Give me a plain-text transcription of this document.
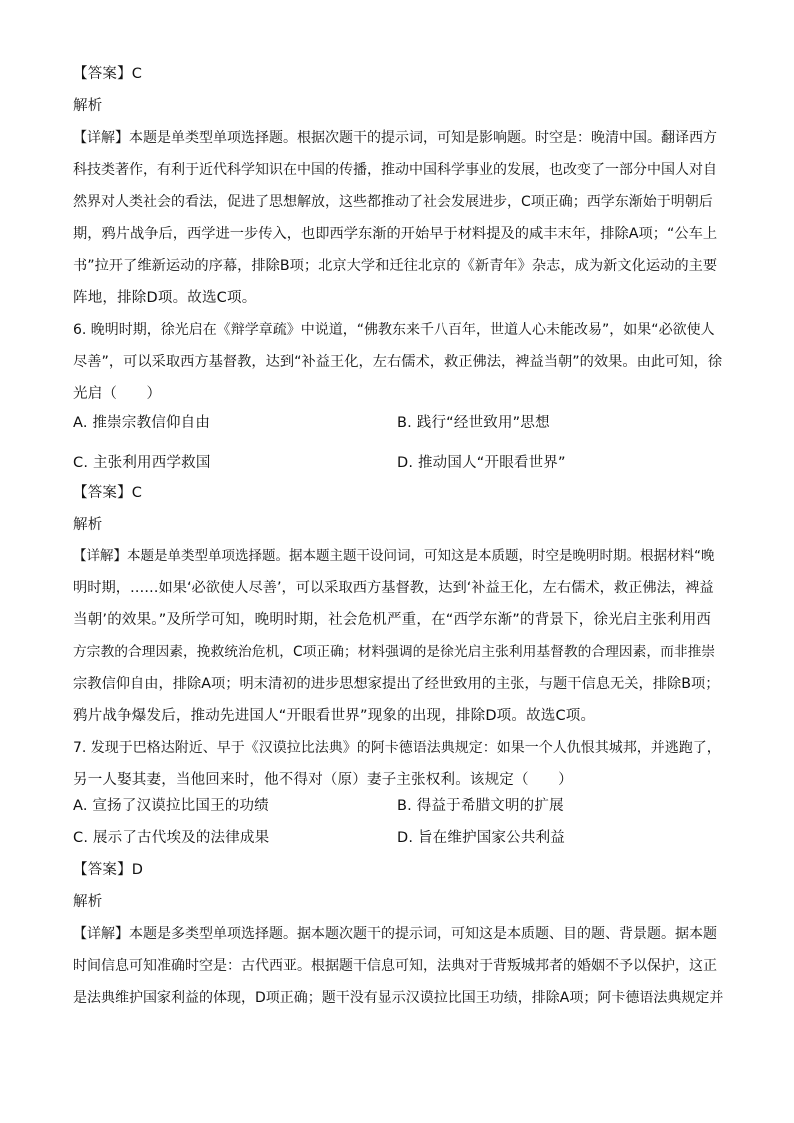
【答案】C
解析
【详解】本题是单类型单项选择题。根据次题干的提示词，可知是影响题。时空是：晚清中国。翻译西方
科技类著作，有利于近代科学知识在中国的传播，推动中国科学事业的发展，也改变了一部分中国人对自
然界对人类社会的看法，促进了思想解放，这些都推动了社会发展进步，C项正确；西学东渐始于明朝后
期，鸦片战争后，西学进一步传入，也即西学东渐的开始早于材料提及的咸丰末年，排除A项；“公车上
书”拉开了维新运动的序幕，排除B项；北京大学和迁往北京的《新青年》杂志，成为新文化运动的主要
阵地，排除D项。故选C项。
6. 晚明时期，徐光启在《辩学章疏》中说道，“佛教东来千八百年，世道人心未能改易”，如果“必欲使人
尽善”，可以采取西方基督教，达到“补益王化，左右儒术，救正佛法，裨益当朝”的效果。由此可知，徐
光启（　　）
A. 推崇宗教信仰自由	B. 践行“经世致用”思想
C. 主张利用西学救国	D. 推动国人“开眼看世界”
【答案】C
解析
【详解】本题是单类型单项选择题。据本题主题干设问词，可知这是本质题，时空是晚明时期。根据材料“晚
明时期，……如果‘必欲使人尽善’，可以采取西方基督教，达到‘补益王化，左右儒术，救正佛法，裨益
当朝’的效果。”及所学可知，晚明时期，社会危机严重，在“西学东渐”的背景下，徐光启主张利用西
方宗教的合理因素，挽救统治危机，C项正确；材料强调的是徐光启主张利用基督教的合理因素，而非推崇
宗教信仰自由，排除A项；明末清初的进步思想家提出了经世致用的主张，与题干信息无关，排除B项；
鸦片战争爆发后，推动先进国人“开眼看世界”现象的出现，排除D项。故选C项。
7. 发现于巴格达附近、早于《汉谟拉比法典》的阿卡德语法典规定：如果一个人仇恨其城邦，并逃跑了，
另一人娶其妻，当他回来时，他不得对（原）妻子主张权利。该规定（　　）
A. 宣扬了汉谟拉比国王的功绩	B. 得益于希腊文明的扩展
C. 展示了古代埃及的法律成果	D. 旨在维护国家公共利益
【答案】D
解析
【详解】本题是多类型单项选择题。据本题次题干的提示词，可知这是本质题、目的题、背景题。据本题
时间信息可知准确时空是：古代西亚。根据题干信息可知，法典对于背叛城邦者的婚姻不予以保护，这正
是法典维护国家利益的体现，D项正确；题干没有显示汉谟拉比国王功绩，排除A项；阿卡德语法典规定并
